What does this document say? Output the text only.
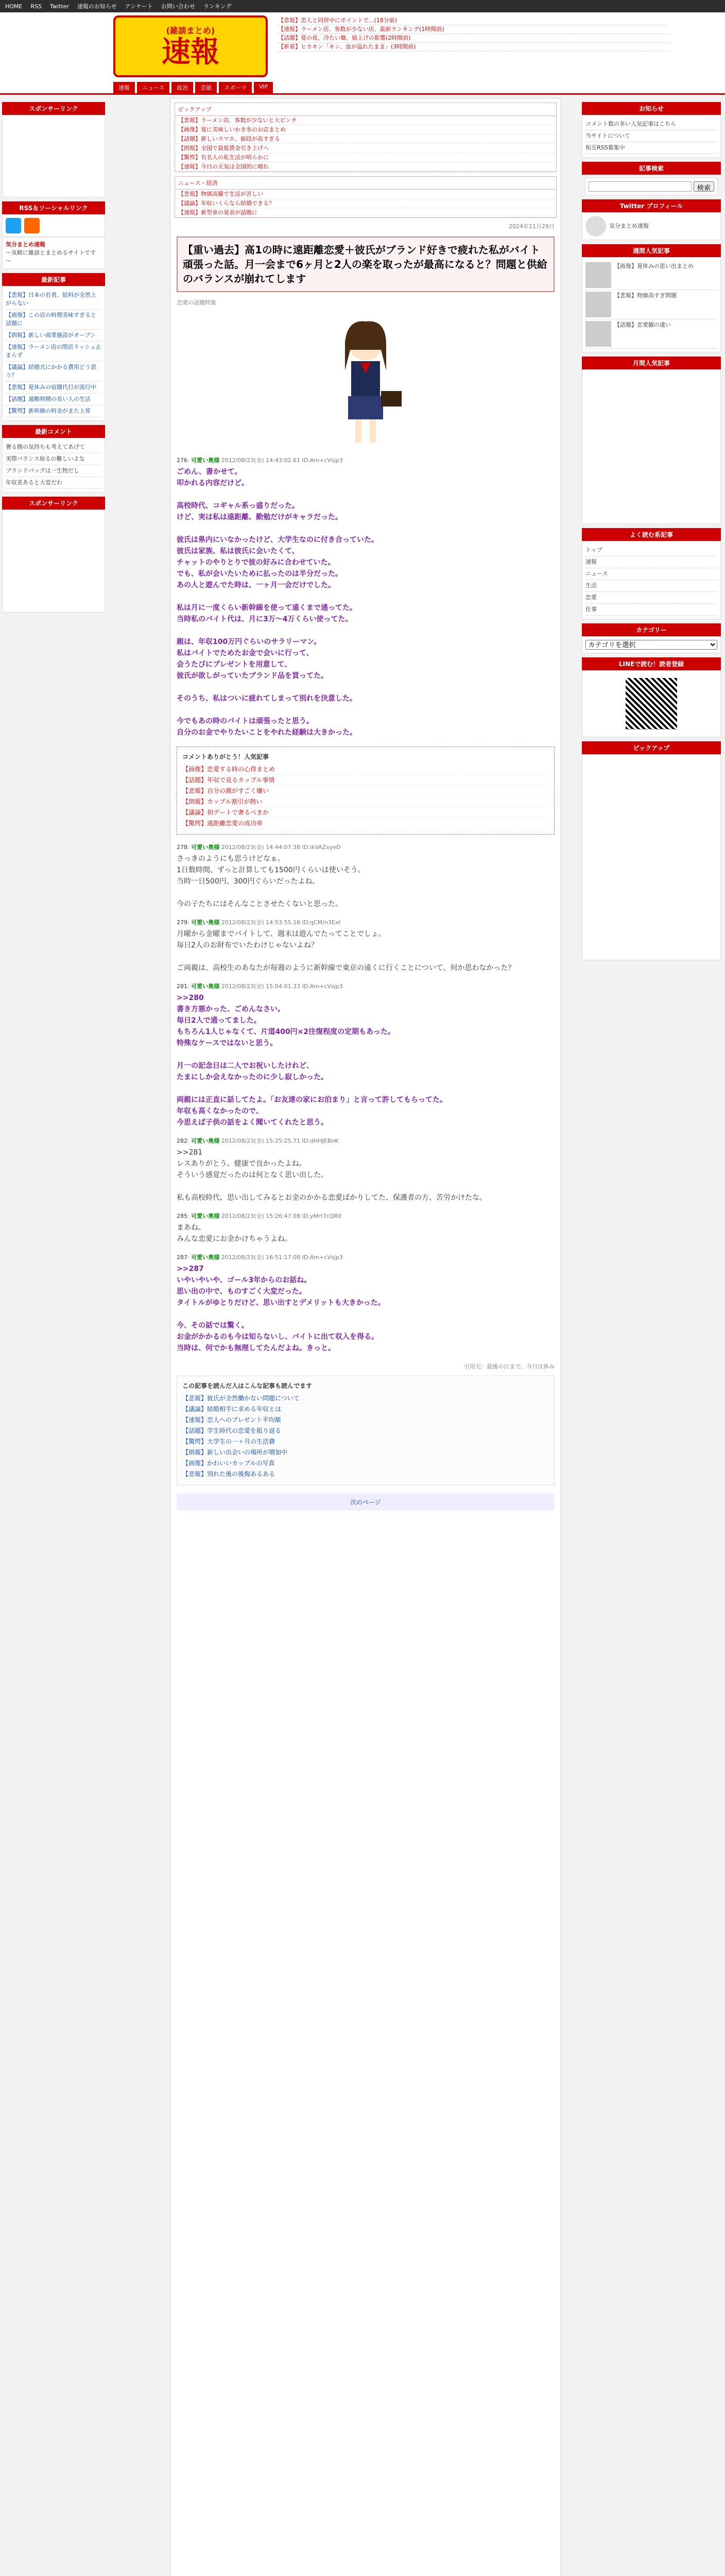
HOME RSS Twitter 速報のお知らせ アンケート お問い合わせ ランキング
(雑談まとめ)
速報
【悲報】恋人と同居中にポイントで...(18分前)
【速報】ラーメン店、客数が少ない店、最新ランキング(1時間前)
【話題】夏の夜、冷たい麺、値上げの影響(2時間前)
【新着】ヒカキン「キン、血が溢れたまま」(3時間前)
速報	ニュース	政治	芸能	スポーツ	VIP
スポンサーリンク
RSS＆ソーシャルリンク
気分まとめ速報

～気軽に雑談とまとめるサイトです～

最新記事
【悲報】日本の若者、給料が全然上がらない
【画像】この店の料理美味すぎると話題に
【朗報】新しい商業施設がオープン
【速報】ラーメン店の閉店ラッシュ止まらず
【議論】結婚式にかかる費用どう思う？
【悲報】夏休みの宿題代行が流行中
【話題】通勤時間の長い人の生活
【驚愕】新幹線の料金がまた上昇
最新コメント
奢る側の気持ちも考えてあげて
実際バランス取るの難しいよな
ブランドバッグは一生物だし
年収差あると大変だわ
スポンサーリンク
ピックアップ
【悲報】ラーメン店、客数が少ないと大ピンチ
【画像】夏に美味しいかき氷のお店まとめ
【話題】新しいスマホ、値段が高すぎる
【朗報】全国で最低賃金引き上げへ
【驚愕】有名人の私生活が明らかに
【速報】今日の天気は全国的に晴れ
ニュース・経済
【悲報】物価高騰で生活が苦しい
【議論】年収いくらなら結婚できる？
【速報】新型車の発表が話題に
2024年11月29日
【重い過去】高1の時に遠距離恋愛＋彼氏がブランド好きで疲れた私がバイト頑張った話。月一会まで6ヶ月と2人の楽を取ったが最高になると？問題と供給のバランスが崩れてします
恋愛の話題特集
276: 可愛い奥様 2012/08/23(金) 14:43:02.61 ID:Am+cVsjp3
ごめん、書かせて。
叩かれる内容だけど。

高校時代、コギャル系っ盛りだった。
けど、実は私は遠距離、勤勉だけがキャラだった。

彼氏は県内にいなかったけど、大学生なのに付き合っていた。
彼氏は家族、私は彼氏に会いたくて、
チャットのやりとりで彼の好みに合わせていた。
でも、私が会いたいために払ったのは半分だった。
あの人と遊んでた時は、一ヶ月一会だけでした。

私は月に一度くらい新幹線を使って遠くまで通ってた。
当時私のバイト代は、月に3万～4万くらい使ってた。

親は、年収100万円ぐらいのサラリーマン。
私はバイトでためたお金で会いに行って、
会うたびにプレゼントを用意して、
彼氏が欲しがっていたブランド品を買ってた。

そのうち、私はついに疲れてしまって別れを決意した。

今でもあの時のバイトは頑張ったと思う。
自分のお金でやりたいことをやれた経験は大きかった。
コメントありがとう！人気記事
【画像】恋愛する時の心得まとめ
【話題】年収で見るカップル事情
【悲報】自分の親がすごく嫌い
【朗報】カップル割引が熱い
【議論】初デートで奢るべきか
【驚愕】遠距離恋愛の成功率
278: 可愛い奥様 2012/08/23(金) 14:44:07.38 ID:ikVAZxyeD
さっきのようにも思うけどなぁ。
1日数時間、ずっと計算しても1500円くらいは使いそう。
当時一日500円、300円ぐらいだったよね。

今の子たちにはそんなことさせたくないと思った。
279: 可愛い奥様 2012/08/23(金) 14:53:55.16 ID:qCM/n3Ext
月曜から金曜までバイトして、週末は遊んでたってことでしょ。
毎日2人のお財布でいたわけじゃないよね？

ご両親は、高校生のあなたが毎週のように新幹線で東京の遠くに行くことについて、何か思わなかった？
281: 可愛い奥様 2012/08/23(金) 15:04:01.33 ID:Am+cVsjp3
>>280
書き方悪かった、ごめんなさい。
毎日2人で通ってました。
もちろん1人じゃなくて、片道400円×2往復程度の定期もあった。
特殊なケースではないと思う。

月一の記念日は二人でお祝いしたけれど、
たまにしか会えなかったのに少し寂しかった。

両親には正直に話してたよ。「お友達の家にお泊まり」と言って許してもらってた。
年収も高くなかったので、
今思えば子供の話をよく聞いてくれたと思う。
282: 可愛い奥様 2012/08/23(金) 15:25:25.71 ID:dHHJEBnK
>>281
レスありがとう。健康で良かったよね。
そういう感覚だったのは何となく思い出した。

私も高校時代、思い出してみるとお金のかかる恋愛ばかりしてた、保護者の方、苦労かけたな。
285: 可愛い奥様 2012/08/23(金) 15:26:47.08 ID:yMrt7cQR0
まあね。
みんな恋愛にお金かけちゃうよね。
287: 可愛い奥様 2012/08/23(金) 16:51:17.08 ID:Am+cVsjp3
>>287
いやいやいや、ゴール3年からのお話ね。
思い出の中で、ものすごく大変だった。
タイトルがゆとりだけど、思い出すとデメリットも大きかった。

今、その話では驚く。
お金がかかるのも今は知らないし、バイトに出て収入を得る。
当時は、何でかも無理してたんだよね。きっと。
引用元：最後の日まで、今日は休み
この記事を読んだ人はこんな記事も読んでます
【悲報】彼氏が全然働かない問題について
【議論】結婚相手に求める年収とは
【速報】恋人へのプレゼント平均額
【話題】学生時代の恋愛を振り返る
【驚愕】大学生の一ヶ月の生活費
【朗報】新しい出会いの場所が増加中
【画像】かわいいカップルの写真
【悲報】別れた後の後悔あるある
次のページ
お知らせ
コメント数の多い人気記事はこちら
当サイトについて
相互RSS募集中
記事検索
検索
Twitter プロフィール
気分まとめ速報
週間人気記事
【画像】夏休みの思い出まとめ
【悲報】物価高すぎ問題
【話題】恋愛観の違い
月間人気記事
よく読む系記事
トップ
速報
ニュース
生活
恋愛
仕事
カテゴリー
カテゴリを選択
LINEで読む！読者登録
ピックアップ
